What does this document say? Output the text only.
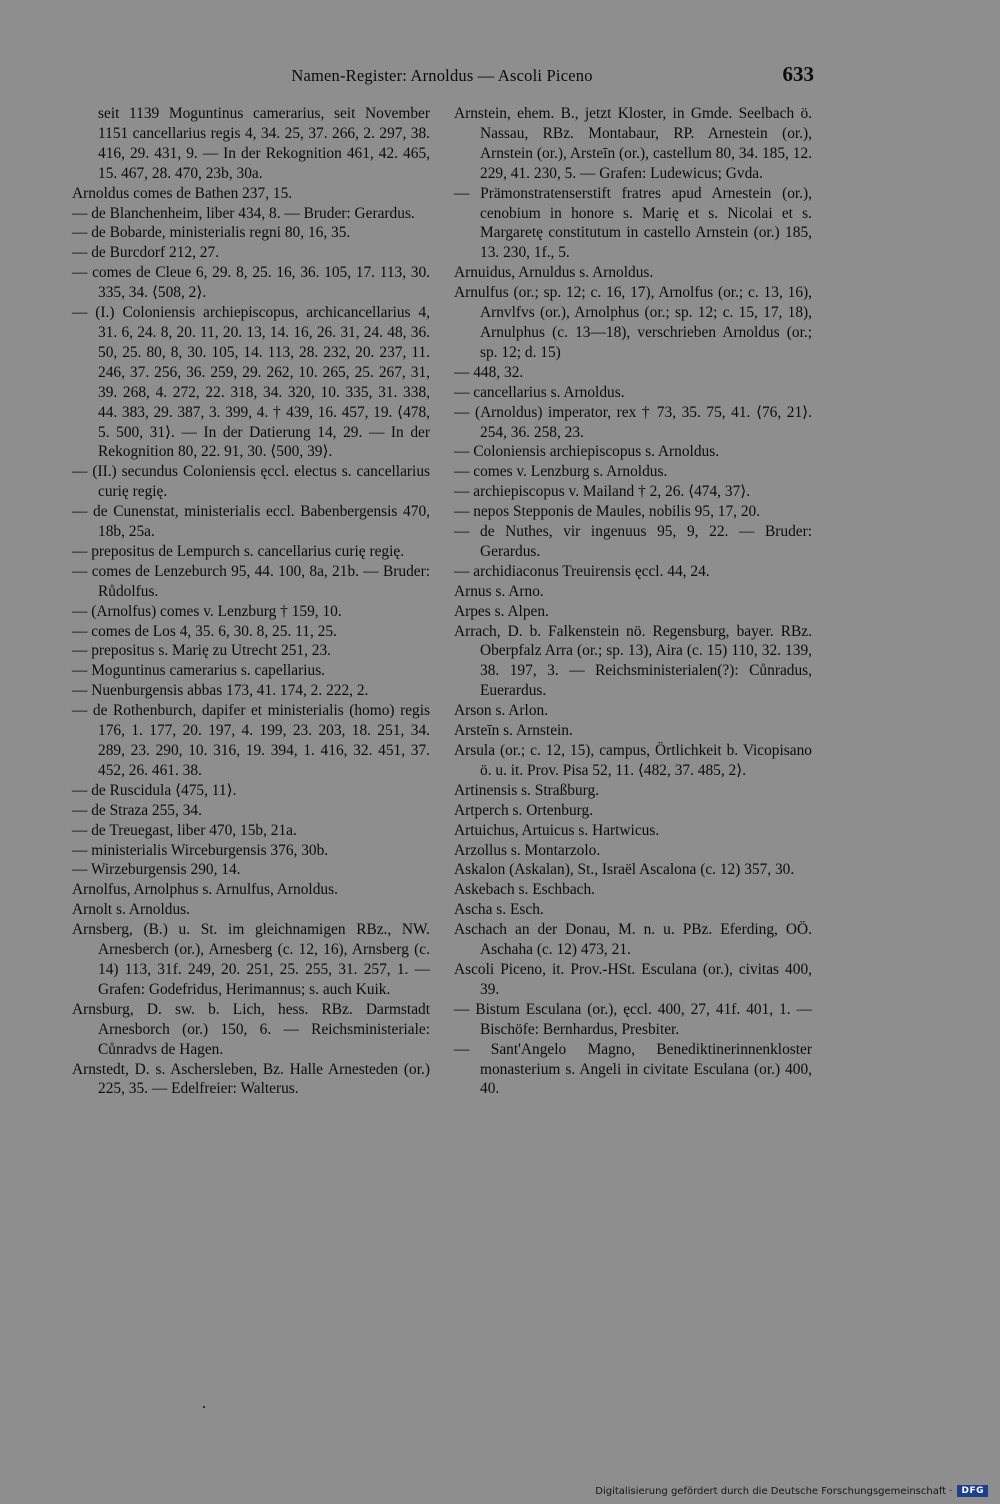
Namen-Register: Arnoldus — Ascoli Piceno	633
seit 1139 Moguntinus camerarius, seit November 1151 cancellarius regis 4, 34. 25, 37. 266, 2. 297, 38. 416, 29. 431, 9. — In der Rekognition 461, 42. 465, 15. 467, 28. 470, 23b, 30a.
Arnoldus comes de Bathen 237, 15.
— de Blanchenheim, liber 434, 8. — Bruder: Gerardus.
— de Bobarde, ministerialis regni 80, 16, 35.
— de Burcdorf 212, 27.
— comes de Cleue 6, 29. 8, 25. 16, 36. 105, 17. 113, 30. 335, 34. ⟨508, 2⟩.
— (I.) Coloniensis archiepiscopus, archicancellarius 4, 31. 6, 24. 8, 20. 11, 20. 13, 14. 16, 26. 31, 24. 48, 36. 50, 25. 80, 8, 30. 105, 14. 113, 28. 232, 20. 237, 11. 246, 37. 256, 36. 259, 29. 262, 10. 265, 25. 267, 31, 39. 268, 4. 272, 22. 318, 34. 320, 10. 335, 31. 338, 44. 383, 29. 387, 3. 399, 4. † 439, 16. 457, 19. ⟨478, 5. 500, 31⟩. — In der Datierung 14, 29. — In der Rekognition 80, 22. 91, 30. ⟨500, 39⟩.
— (II.) secundus Coloniensis ęccl. electus s. cancellarius curię regię.
— de Cunenstat, ministerialis eccl. Babenbergensis 470, 18b, 25a.
— prepositus de Lempurch s. cancellarius curię regię.
— comes de Lenzeburch 95, 44. 100, 8a, 21b. — Bruder: Růdolfus.
— (Arnolfus) comes v. Lenzburg † 159, 10.
— comes de Los 4, 35. 6, 30. 8, 25. 11, 25.
— prepositus s. Marię zu Utrecht 251, 23.
— Moguntinus camerarius s. capellarius.
— Nuenburgensis abbas 173, 41. 174, 2. 222, 2.
— de Rothenburch, dapifer et ministerialis (homo) regis 176, 1. 177, 20. 197, 4. 199, 23. 203, 18. 251, 34. 289, 23. 290, 10. 316, 19. 394, 1. 416, 32. 451, 37. 452, 26. 461. 38.
— de Ruscidula ⟨475, 11⟩.
— de Straza 255, 34.
— de Treuegast, liber 470, 15b, 21a.
— ministerialis Wirceburgensis 376, 30b.
— Wirzeburgensis 290, 14.
Arnolfus, Arnolphus s. Arnulfus, Arnoldus.
Arnolt s. Arnoldus.
Arnsberg, (B.) u. St. im gleichnamigen RBz., NW. Arnesberch (or.), Arnesberg (c. 12, 16), Arnsberg (c. 14) 113, 31f. 249, 20. 251, 25. 255, 31. 257, 1. — Grafen: Godefridus, Herimannus; s. auch Kuik.
Arnsburg, D. sw. b. Lich, hess. RBz. Darmstadt Arnesborch (or.) 150, 6. — Reichsministeriale: Cůnradvs de Hagen.
Arnstedt, D. s. Aschersleben, Bz. Halle Arnesteden (or.) 225, 35. — Edelfreier: Walterus.
Arnstein, ehem. B., jetzt Kloster, in Gmde. Seelbach ö. Nassau, RBz. Montabaur, RP. Arnestein (or.), Arnstein (or.), Arsteīn (or.), castellum 80, 34. 185, 12. 229, 41. 230, 5. — Grafen: Ludewicus; Gvda.
— Prämonstratenserstift fratres apud Arnestein (or.), cenobium in honore s. Marię et s. Nicolai et s. Margaretę constitutum in castello Arnstein (or.) 185, 13. 230, 1f., 5.
Arnuidus, Arnuldus s. Arnoldus.
Arnulfus (or.; sp. 12; c. 16, 17), Arnolfus (or.; c. 13, 16), Arnvlfvs (or.), Arnolphus (or.; sp. 12; c. 15, 17, 18), Arnulphus (c. 13—18), verschrieben Arnoldus (or.; sp. 12; d. 15)
— 448, 32.
— cancellarius s. Arnoldus.
— (Arnoldus) imperator, rex † 73, 35. 75, 41. ⟨76, 21⟩. 254, 36. 258, 23.
— Coloniensis archiepiscopus s. Arnoldus.
— comes v. Lenzburg s. Arnoldus.
— archiepiscopus v. Mailand † 2, 26. ⟨474, 37⟩.
— nepos Stepponis de Maules, nobilis 95, 17, 20.
— de Nuthes, vir ingenuus 95, 9, 22. — Bruder: Gerardus.
— archidiaconus Treuirensis ęccl. 44, 24.
Arnus s. Arno.
Arpes s. Alpen.
Arrach, D. b. Falkenstein nö. Regensburg, bayer. RBz. Oberpfalz Arra (or.; sp. 13), Aira (c. 15) 110, 32. 139, 38. 197, 3. — Reichsministerialen(?): Cůnradus, Euerardus.
Arson s. Arlon.
Arsteīn s. Arnstein.
Arsula (or.; c. 12, 15), campus, Örtlichkeit b. Vicopisano ö. u. it. Prov. Pisa 52, 11. ⟨482, 37. 485, 2⟩.
Artinensis s. Straßburg.
Artperch s. Ortenburg.
Artuichus, Artuicus s. Hartwicus.
Arzollus s. Montarzolo.
Askalon (Askalan), St., Israël Ascalona (c. 12) 357, 30.
Askebach s. Eschbach.
Ascha s. Esch.
Aschach an der Donau, M. n. u. PBz. Eferding, OÖ. Aschaha (c. 12) 473, 21.
Ascoli Piceno, it. Prov.-HSt. Esculana (or.), civitas 400, 39.
— Bistum Esculana (or.), ęccl. 400, 27, 41f. 401, 1. — Bischöfe: Bernhardus, Presbiter.
— Sant'Angelo Magno, Benediktinerinnenkloster monasterium s. Angeli in civitate Esculana (or.) 400, 40.
Digitalisierung gefördert durch die Deutsche Forschungsgemeinschaft ·	DFG
